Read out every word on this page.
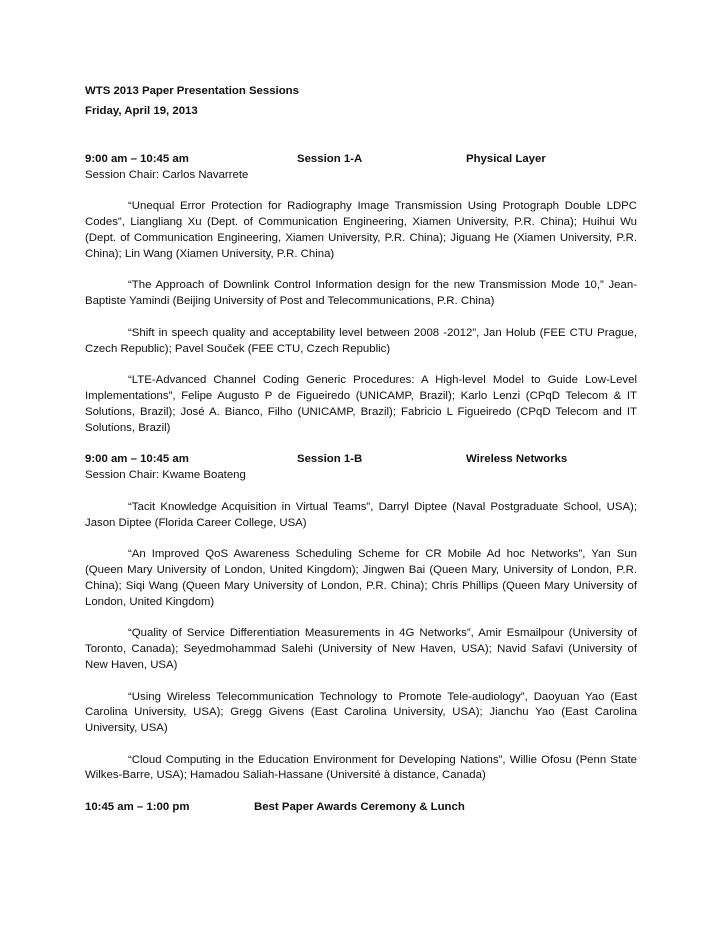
WTS 2013 Paper Presentation Sessions
Friday, April 19, 2013
9:00 am – 10:45 am	Session 1-A	Physical Layer
Session Chair: Carlos Navarrete
“Unequal Error Protection for Radiography Image Transmission Using Protograph Double LDPC Codes”, Liangliang Xu (Dept. of Communication Engineering, Xiamen University, P.R. China); Huihui Wu (Dept. of Communication Engineering, Xiamen University, P.R. China); Jiguang He (Xiamen University, P.R. China); Lin Wang (Xiamen University, P.R. China)
“The Approach of Downlink Control Information design for the new Transmission Mode 10,” Jean-Baptiste Yamindi (Beijing University of Post and Telecommunications, P.R. China)
“Shift in speech quality and acceptability level between 2008 -2012”, Jan Holub (FEE CTU Prague, Czech Republic); Pavel Souček (FEE CTU, Czech Republic)
“LTE-Advanced Channel Coding Generic Procedures: A High-level Model to Guide Low-Level Implementations”, Felipe Augusto P de Figueiredo (UNICAMP, Brazil); Karlo Lenzi (CPqD Telecom & IT Solutions, Brazil); José A. Bianco, Filho (UNICAMP, Brazil); Fabricio L Figueiredo (CPqD Telecom and IT Solutions, Brazil)
9:00 am – 10:45 am	Session 1-B	Wireless Networks
Session Chair: Kwame Boateng
“Tacit Knowledge Acquisition in Virtual Teams”, Darryl Diptee (Naval Postgraduate School, USA); Jason Diptee (Florida Career College, USA)
“An Improved QoS Awareness Scheduling Scheme for CR Mobile Ad hoc Networks”, Yan Sun (Queen Mary University of London, United Kingdom); Jingwen Bai (Queen Mary, University of London, P.R. China); Siqi Wang (Queen Mary University of London, P.R. China); Chris Phillips (Queen Mary University of London, United Kingdom)
“Quality of Service Differentiation Measurements in 4G Networks”, Amir Esmailpour (University of Toronto, Canada); Seyedmohammad Salehi (University of New Haven, USA); Navid Safavi (University of New Haven, USA)
“Using Wireless Telecommunication Technology to Promote Tele-audiology”, Daoyuan Yao (East Carolina University, USA); Gregg Givens (East Carolina University, USA); Jianchu Yao (East Carolina University, USA)
“Cloud Computing in the Education Environment for Developing Nations”, Willie Ofosu (Penn State Wilkes-Barre, USA); Hamadou Saliah-Hassane (Université à distance, Canada)
10:45 am – 1:00 pm	Best Paper Awards Ceremony & Lunch
